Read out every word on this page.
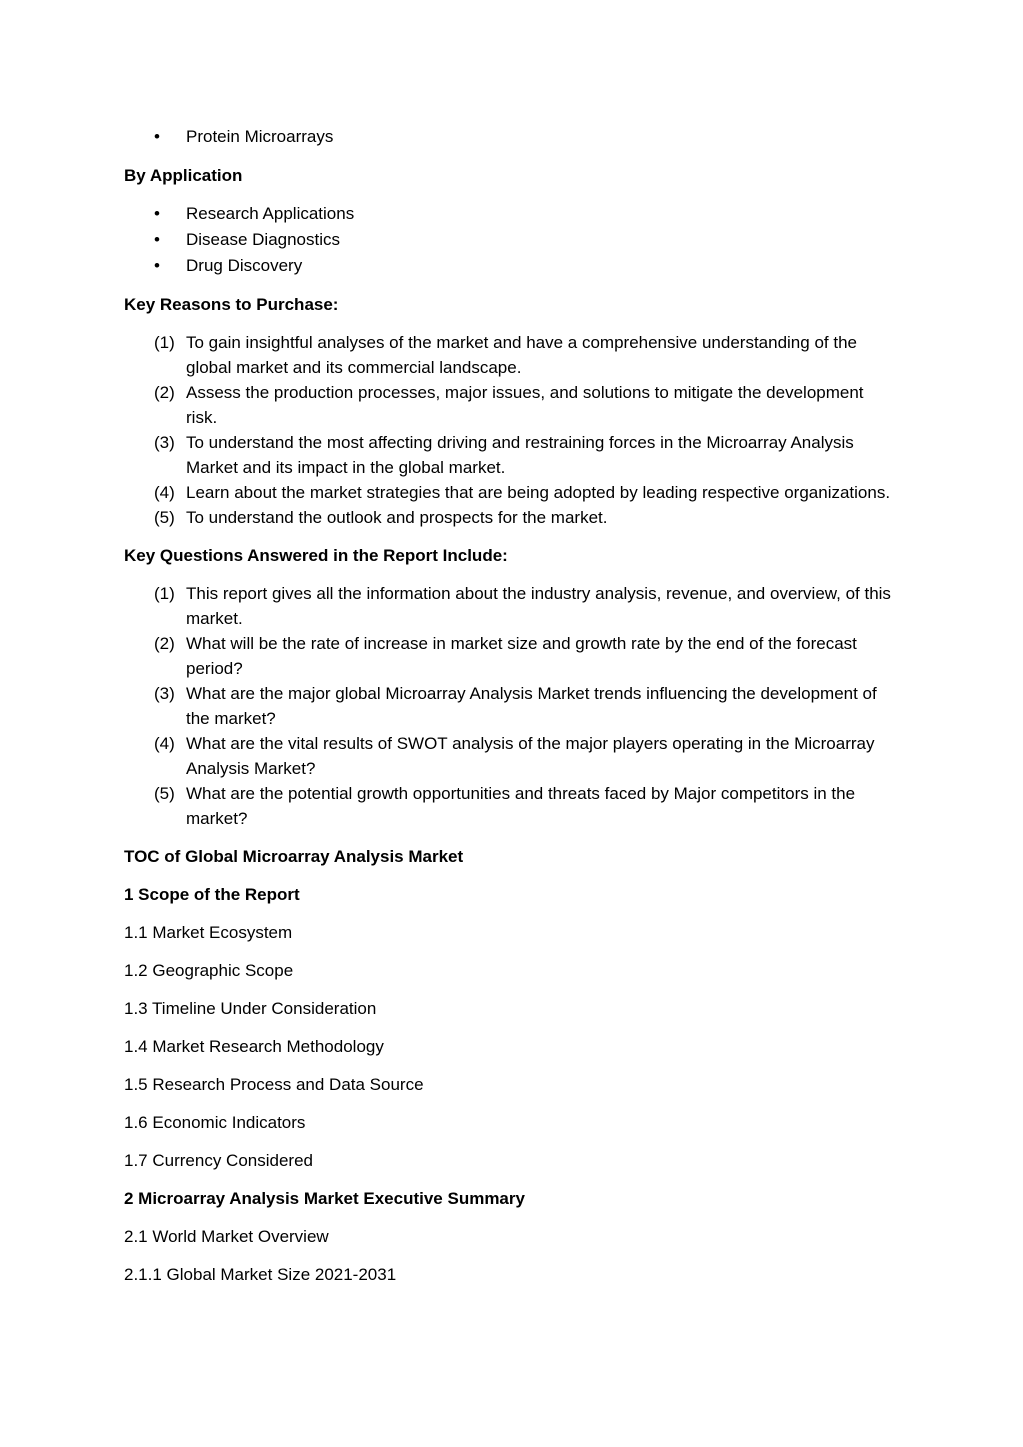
• Protein Microarrays

By Application

• Research Applications
• Disease Diagnostics
• Drug Discovery

Key Reasons to Purchase:

(1) To gain insightful analyses of the market and have a comprehensive understanding of the global market and its commercial landscape.
(2) Assess the production processes, major issues, and solutions to mitigate the development risk.
(3) To understand the most affecting driving and restraining forces in the Microarray Analysis Market and its impact in the global market.
(4) Learn about the market strategies that are being adopted by leading respective organizations.
(5) To understand the outlook and prospects for the market.

Key Questions Answered in the Report Include:

(1) This report gives all the information about the industry analysis, revenue, and overview, of this market.
(2) What will be the rate of increase in market size and growth rate by the end of the forecast period?
(3) What are the major global Microarray Analysis Market trends influencing the development of the market?
(4) What are the vital results of SWOT analysis of the major players operating in the Microarray Analysis Market?
(5) What are the potential growth opportunities and threats faced by Major competitors in the market?

TOC of Global Microarray Analysis Market

1 Scope of the Report

1.1 Market Ecosystem

1.2 Geographic Scope

1.3 Timeline Under Consideration

1.4 Market Research Methodology

1.5 Research Process and Data Source

1.6 Economic Indicators

1.7 Currency Considered

2 Microarray Analysis Market Executive Summary

2.1 World Market Overview

2.1.1 Global Market Size 2021-2031
